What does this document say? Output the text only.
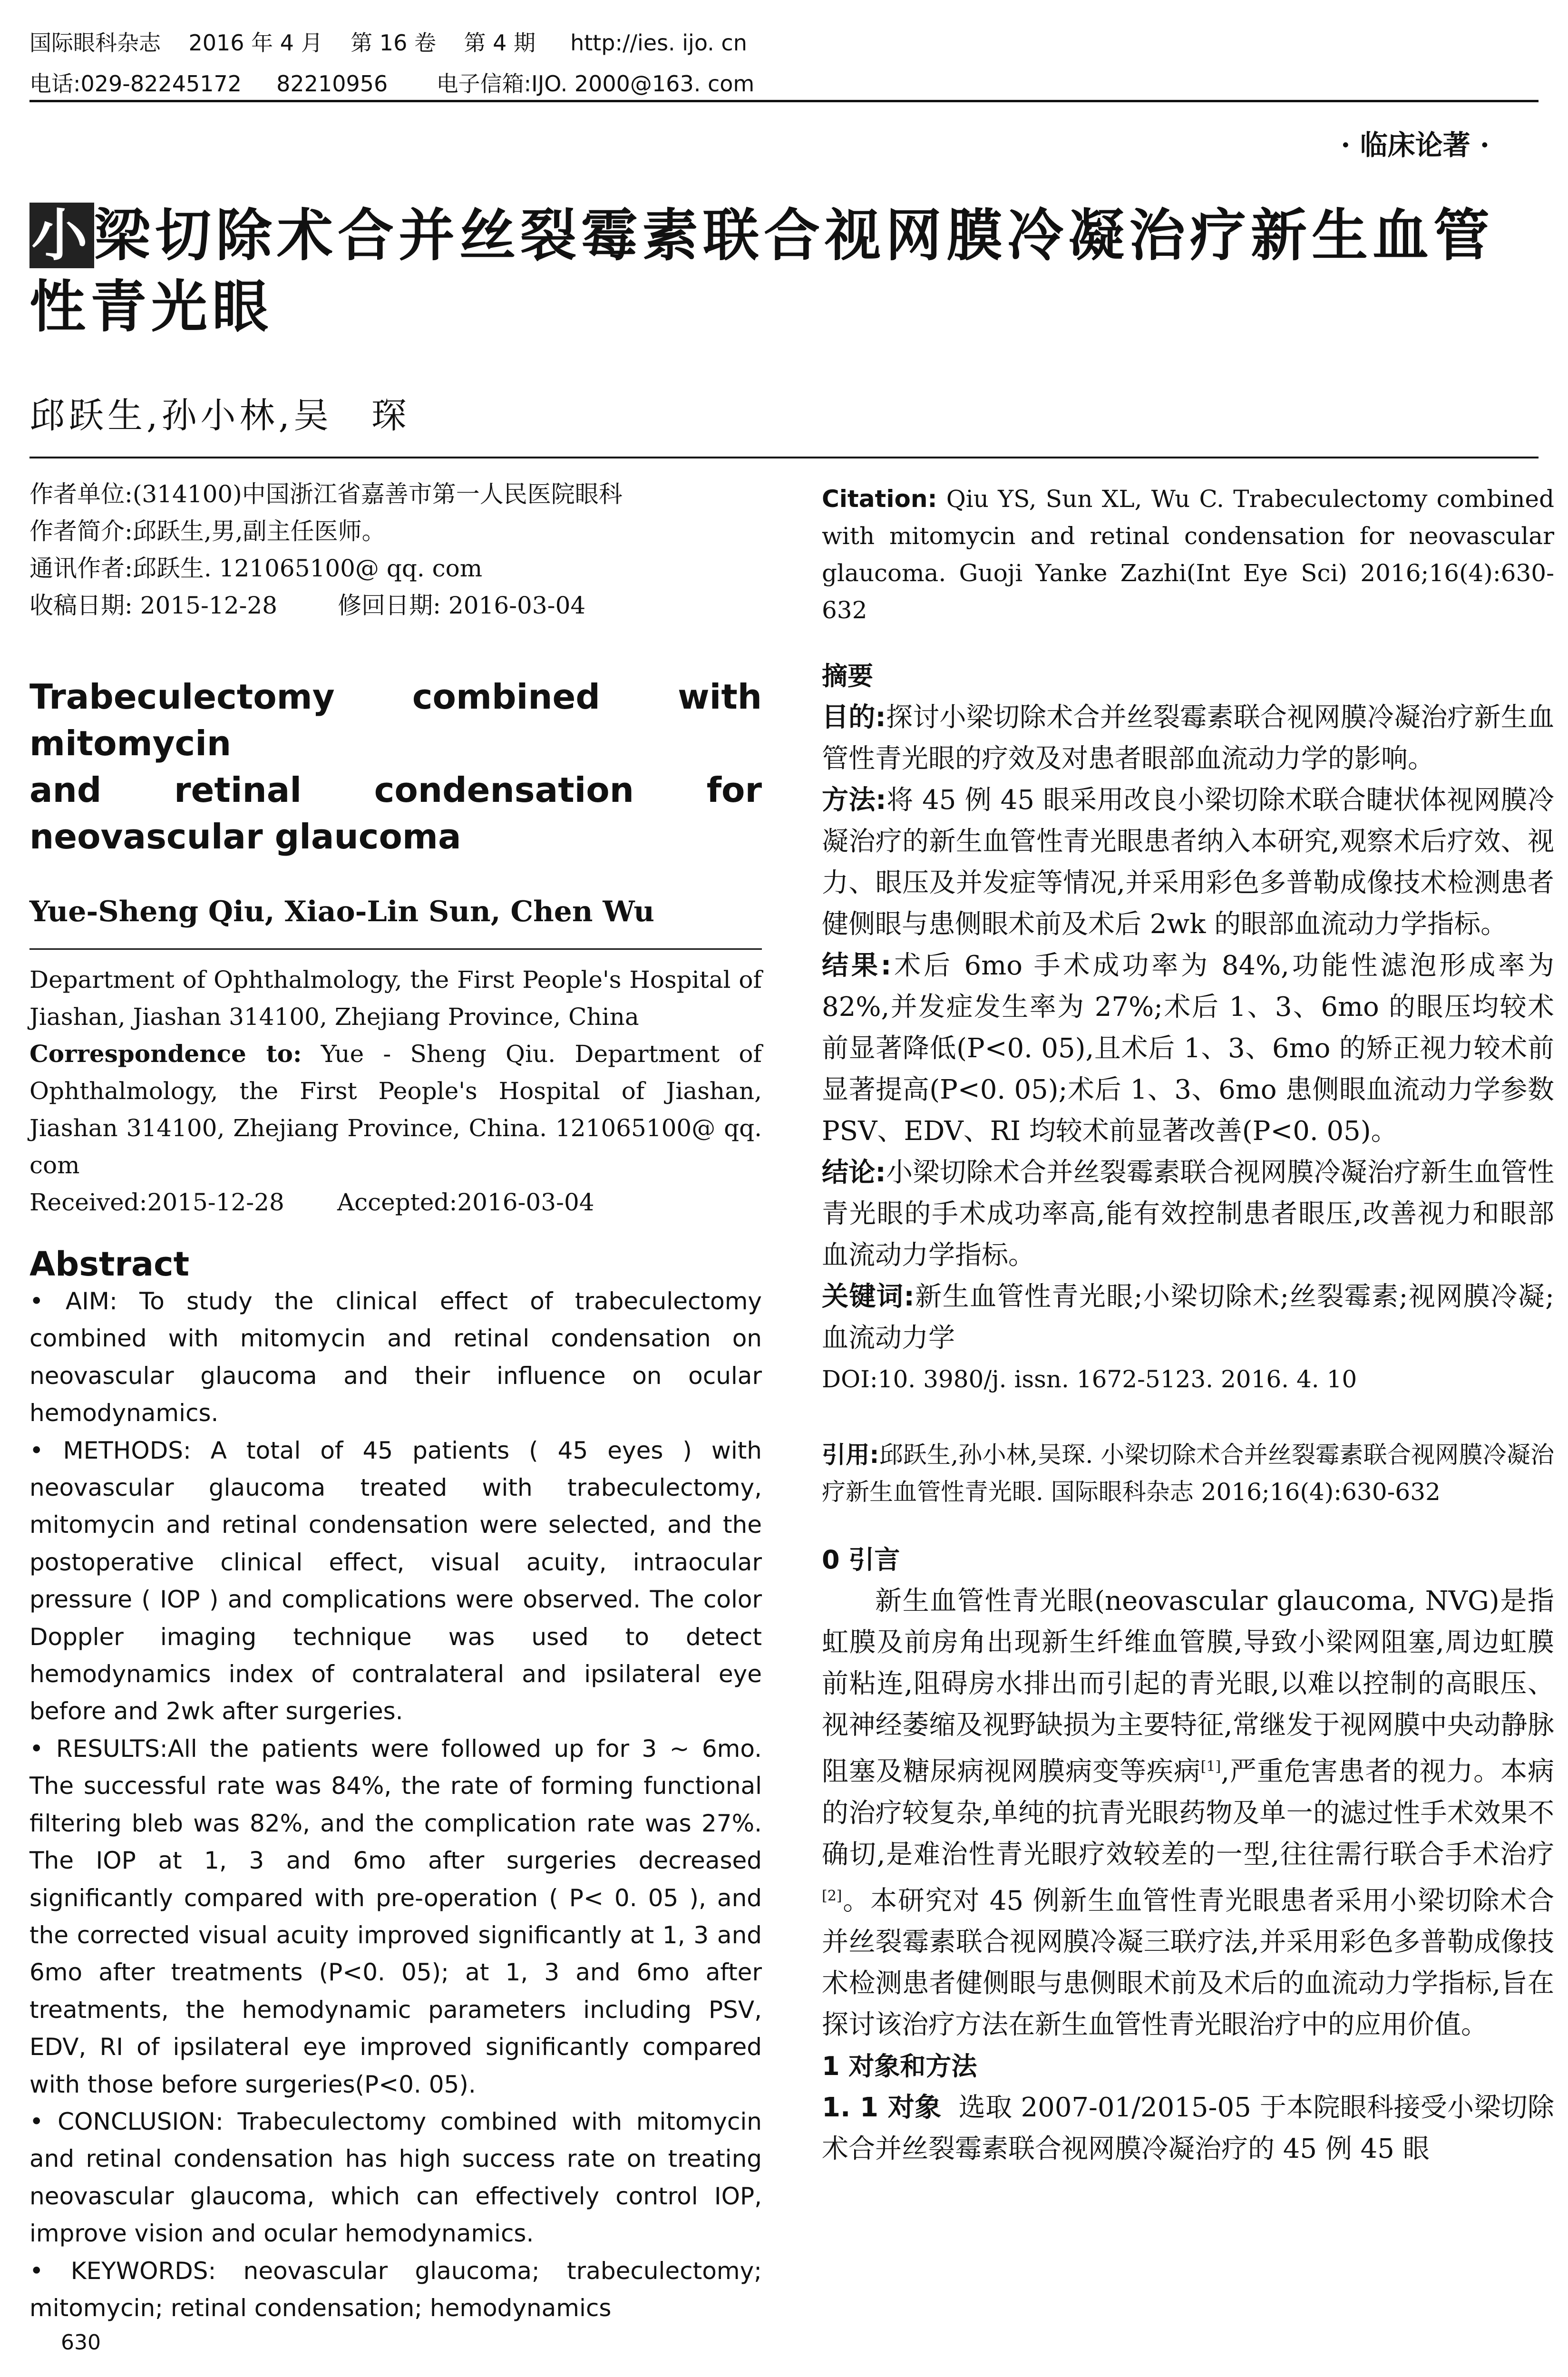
国际眼科杂志    2016 年 4 月    第 16 卷    第 4 期     http://ies. ijo. cn
电话:029-82245172     82210956       电子信箱:IJO. 2000@163. com
· 临床论著 ·
小梁切除术合并丝裂霉素联合视网膜冷凝治疗新生血管性青光眼
邱跃生,孙小林,吴　琛

作者单位:(314100)中国浙江省嘉善市第一人民医院眼科

作者简介:邱跃生,男,副主任医师。

通讯作者:邱跃生. 121065100@ qq. com

收稿日期: 2015-12-28        修回日期: 2016-03-04

Trabeculectomy combined with mitomycin
and retinal condensation for
neovascular glaucoma

Yue-Sheng Qiu, Xiao-Lin Sun, Chen Wu

Department of Ophthalmology, the First People's Hospital of Jiashan, Jiashan 314100, Zhejiang Province, China

Correspondence to: Yue - Sheng Qiu. Department of Ophthalmology, the First People's Hospital of Jiashan, Jiashan 314100, Zhejiang Province, China. 121065100@ qq. com

Received:2015-12-28       Accepted:2016-03-04

Abstract

• AIM: To study the clinical effect of trabeculectomy combined with mitomycin and retinal condensation on neovascular glaucoma and their influence on ocular hemodynamics.

• METHODS: A total of 45 patients ( 45 eyes ) with neovascular glaucoma treated with trabeculectomy, mitomycin and retinal condensation were selected, and the postoperative clinical effect, visual acuity, intraocular pressure ( IOP ) and complications were observed. The color Doppler imaging technique was used to detect hemodynamics index of contralateral and ipsilateral eye before and 2wk after surgeries.

• RESULTS:All the patients were followed up for 3 ~ 6mo. The successful rate was 84%, the rate of forming functional filtering bleb was 82%, and the complication rate was 27%. The IOP at 1, 3 and 6mo after surgeries decreased significantly compared with pre-operation ( P< 0. 05 ), and the corrected visual acuity improved significantly at 1, 3 and 6mo after treatments (P<0. 05); at 1, 3 and 6mo after treatments, the hemodynamic parameters including PSV, EDV, RI of ipsilateral eye improved significantly compared with those before surgeries(P<0. 05).

• CONCLUSION: Trabeculectomy combined with mitomycin and retinal condensation has high success rate on treating neovascular glaucoma, which can effectively control IOP, improve vision and ocular hemodynamics.

• KEYWORDS: neovascular glaucoma; trabeculectomy; mitomycin; retinal condensation; hemodynamics

Citation: Qiu YS, Sun XL, Wu C. Trabeculectomy combined with mitomycin and retinal condensation for neovascular glaucoma. Guoji Yanke Zazhi(Int Eye Sci) 2016;16(4):630-632

摘要

目的:探讨小梁切除术合并丝裂霉素联合视网膜冷凝治疗新生血管性青光眼的疗效及对患者眼部血流动力学的影响。

方法:将 45 例 45 眼采用改良小梁切除术联合睫状体视网膜冷凝治疗的新生血管性青光眼患者纳入本研究,观察术后疗效、视力、眼压及并发症等情况,并采用彩色多普勒成像技术检测患者健侧眼与患侧眼术前及术后 2wk 的眼部血流动力学指标。

结果:术后 6mo 手术成功率为 84%,功能性滤泡形成率为 82%,并发症发生率为 27%;术后 1、3、6mo 的眼压均较术前显著降低(P<0. 05),且术后 1、3、6mo 的矫正视力较术前显著提高(P<0. 05);术后 1、3、6mo 患侧眼血流动力学参数 PSV、EDV、RI 均较术前显著改善(P<0. 05)。

结论:小梁切除术合并丝裂霉素联合视网膜冷凝治疗新生血管性青光眼的手术成功率高,能有效控制患者眼压,改善视力和眼部血流动力学指标。

关键词:新生血管性青光眼;小梁切除术;丝裂霉素;视网膜冷凝;血流动力学

DOI:10. 3980/j. issn. 1672-5123. 2016. 4. 10

引用:邱跃生,孙小林,吴琛. 小梁切除术合并丝裂霉素联合视网膜冷凝治疗新生血管性青光眼. 国际眼科杂志 2016;16(4):630-632

0 引言

新生血管性青光眼(neovascular glaucoma, NVG)是指虹膜及前房角出现新生纤维血管膜,导致小梁网阻塞,周边虹膜前粘连,阻碍房水排出而引起的青光眼,以难以控制的高眼压、视神经萎缩及视野缺损为主要特征,常继发于视网膜中央动静脉阻塞及糖尿病视网膜病变等疾病[1],严重危害患者的视力。本病的治疗较复杂,单纯的抗青光眼药物及单一的滤过性手术效果不确切,是难治性青光眼疗效较差的一型,往往需行联合手术治疗[2]。本研究对 45 例新生血管性青光眼患者采用小梁切除术合并丝裂霉素联合视网膜冷凝三联疗法,并采用彩色多普勒成像技术检测患者健侧眼与患侧眼术前及术后的血流动力学指标,旨在探讨该治疗方法在新生血管性青光眼治疗中的应用价值。

1 对象和方法

1. 1 对象  选取 2007-01/2015-05 于本院眼科接受小梁切除术合并丝裂霉素联合视网膜冷凝治疗的 45 例 45 眼

630
